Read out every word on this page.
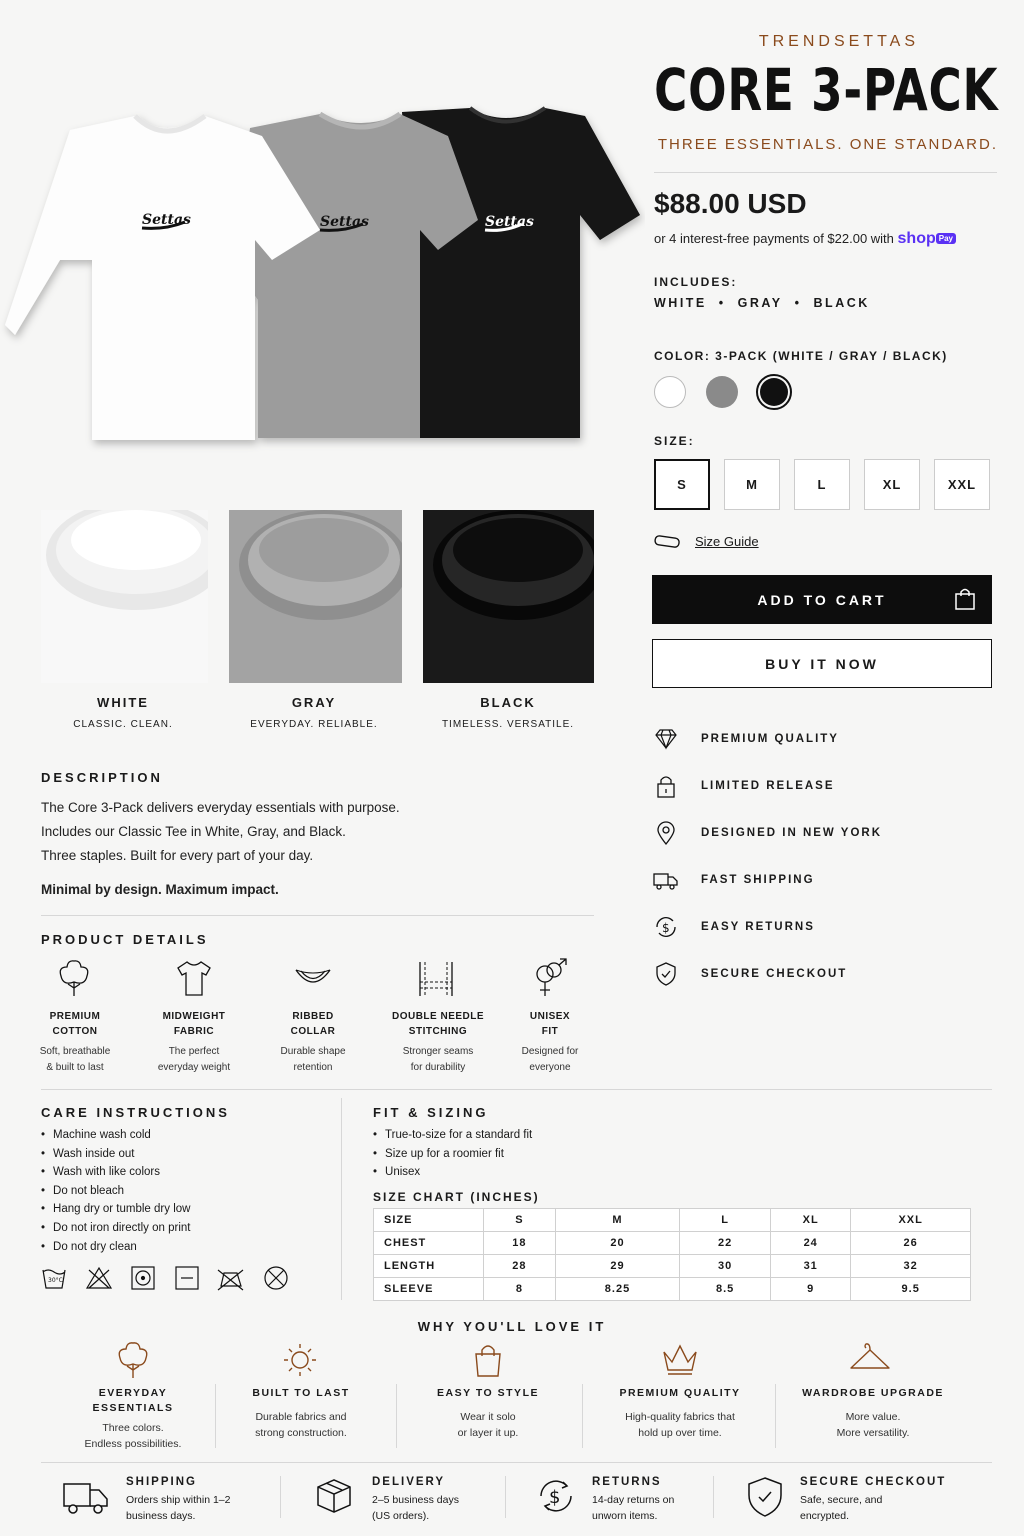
Settas	Settas	Settas
WHITE
CLASSIC. CLEAN.
GRAY
EVERYDAY. RELIABLE.
BLACK
TIMELESS. VERSATILE.
TRENDSETTAS
CORE 3-PACK
THREE ESSENTIALS. ONE STANDARD.
$88.00 USD
or 4 interest-free payments of $22.00 with shop Pay
INCLUDES:
WHITE • GRAY • BLACK
COLOR: 3-PACK (WHITE / GRAY / BLACK)
SIZE:
S	M	L	XL	XXL
Size Guide
ADD TO CART
BUY IT NOW
PREMIUM QUALITY
LIMITED RELEASE
DESIGNED IN NEW YORK
FAST SHIPPING
$	EASY RETURNS
SECURE CHECKOUT
DESCRIPTION
The Core 3-Pack delivers everyday essentials with purpose.
Includes our Classic Tee in White, Gray, and Black.
Three staples. Built for every part of your day.
Minimal by design. Maximum impact.
PRODUCT DETAILS
PREMIUM
COTTON
Soft, breathable
& built to last
MIDWEIGHT
FABRIC
The perfect
everyday weight
RIBBED
COLLAR
Durable shape
retention
DOUBLE NEEDLE
STITCHING
Stronger seams
for durability
UNISEX
FIT
Designed for
everyone
CARE INSTRUCTIONS
• Machine wash cold
• Wash inside out
• Wash with like colors
• Do not bleach
• Hang dry or tumble dry low
• Do not iron directly on print
• Do not dry clean
30°C
FIT & SIZING
• True-to-size for a standard fit
• Size up for a roomier fit
• Unisex
SIZE CHART (INCHES)
SIZE	S	M	L	XL	XXL
CHEST	18	20	22	24	26
LENGTH	28	29	30	31	32
SLEEVE	8	8.25	8.5	9	9.5
WHY YOU'LL LOVE IT
EVERYDAY
ESSENTIALS
Three colors.
Endless possibilities.
BUILT TO LAST
Durable fabrics and
strong construction.
EASY TO STYLE
Wear it solo
or layer it up.
PREMIUM QUALITY
High-quality fabrics that
hold up over time.
WARDROBE UPGRADE
More value.
More versatility.
SHIPPING
Orders ship within 1–2
business days.
DELIVERY
2–5 business days
(US orders).
$
RETURNS
14-day returns on
unworn items.
SECURE CHECKOUT
Safe, secure, and
encrypted.
